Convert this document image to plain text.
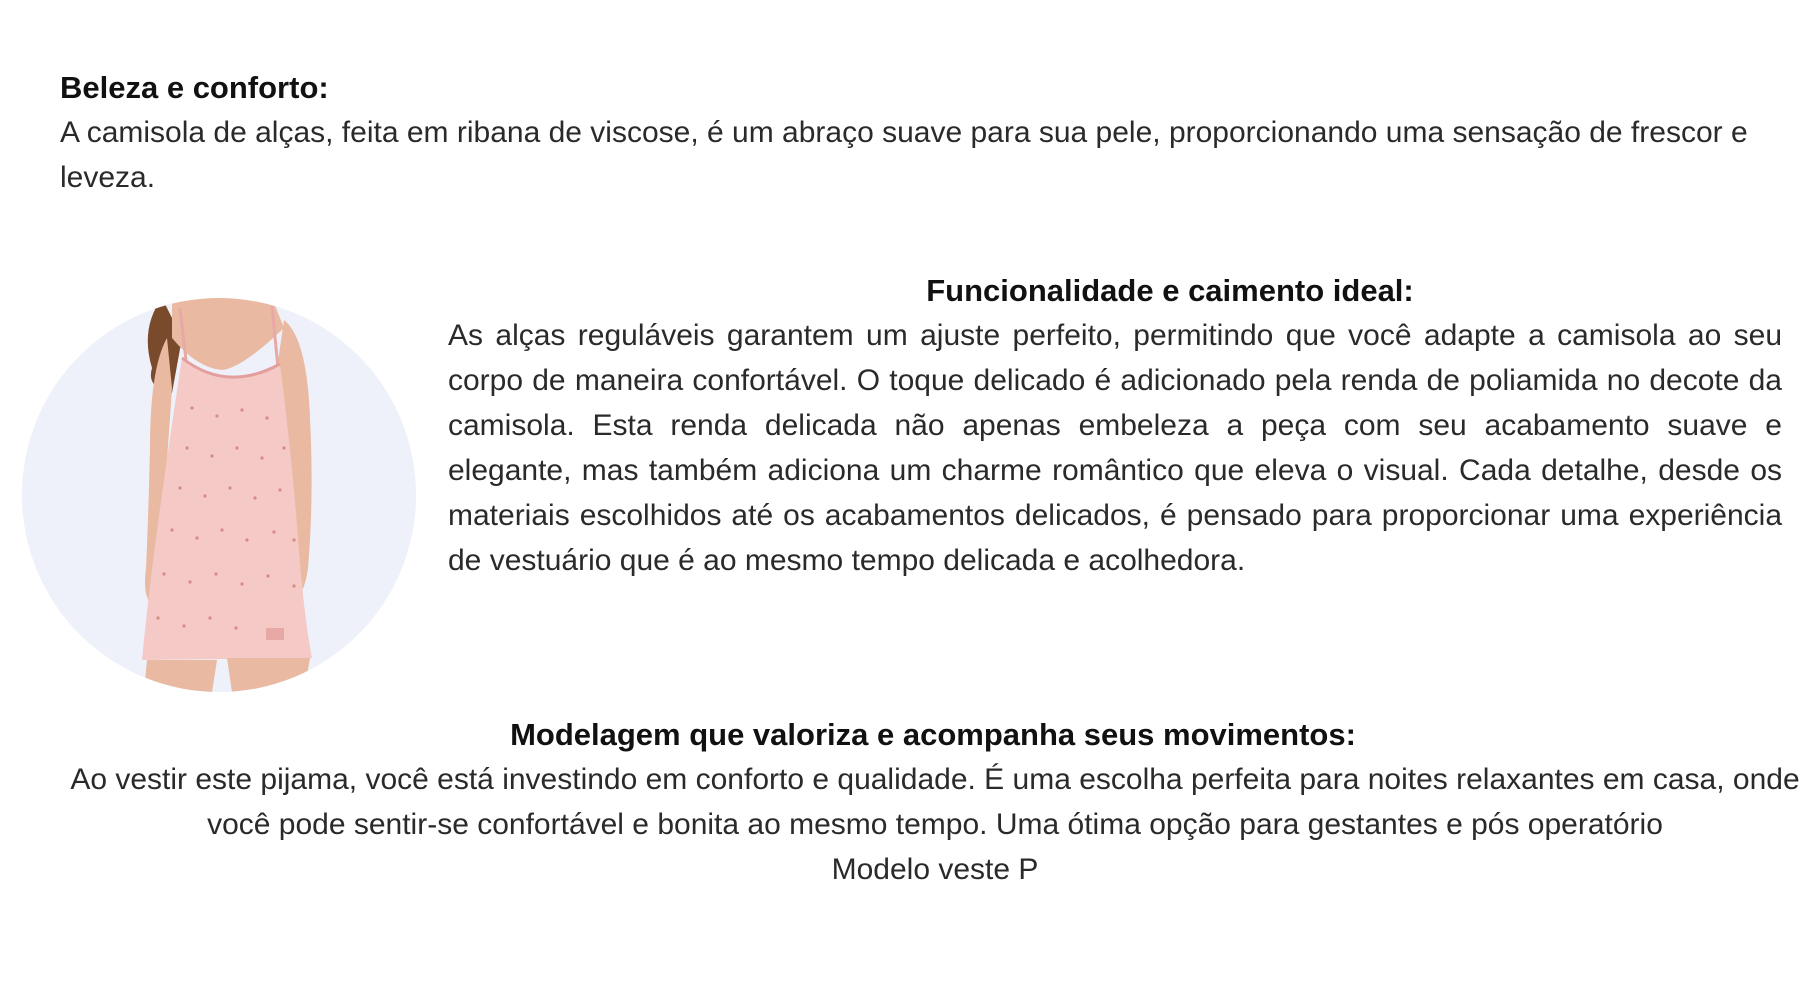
Beleza e conforto:

A camisola de alças, feita em ribana de viscose, é um abraço suave para sua pele, proporcionando uma sensação de frescor e leveza.

Funcionalidade e caimento ideal:

As alças reguláveis garantem um ajuste perfeito, permitindo que você adapte a camisola ao seu corpo de maneira confortável. O toque delicado é adicionado pela renda de poliamida no decote da camisola. Esta renda delicada não apenas embeleza a peça com seu acabamento suave e elegante, mas também adiciona um charme romântico que eleva o visual. Cada detalhe, desde os materiais escolhidos até os acabamentos delicados, é pensado para proporcionar uma experiência de vestuário que é ao mesmo tempo delicada e acolhedora.

Modelagem que valoriza e acompanha seus movimentos:

Ao vestir este pijama, você está investindo em conforto e qualidade. É uma escolha perfeita para noites relaxantes em casa, onde você pode sentir-se confortável e bonita ao mesmo tempo. Uma ótima opção para gestantes e pós operatório

Modelo veste P
